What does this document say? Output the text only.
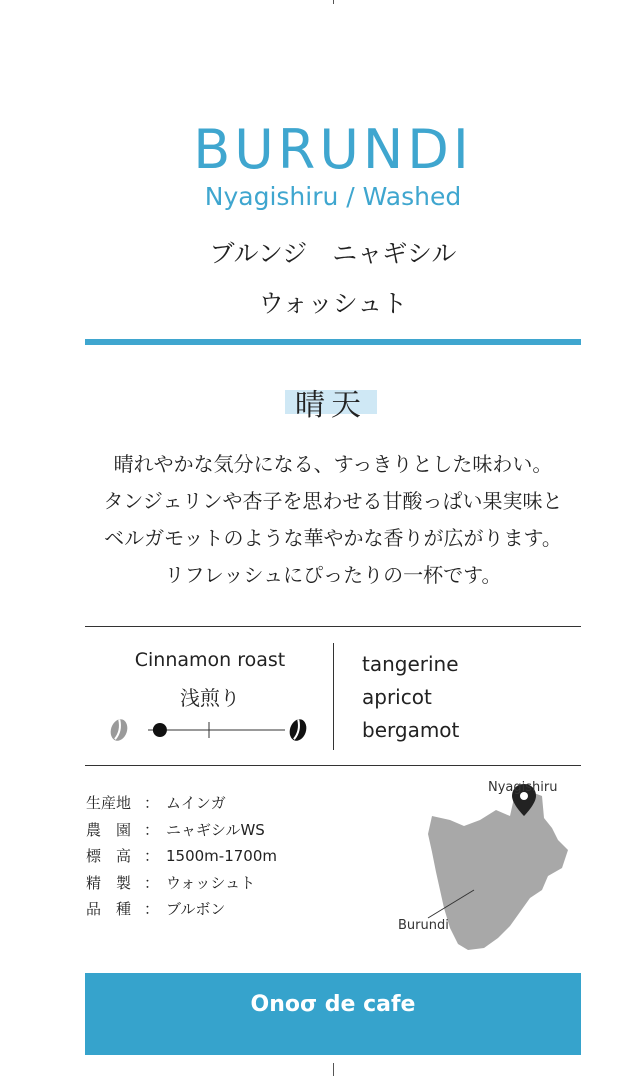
BURUNDI
Nyagishiru / Washed
ブルンジ　ニャギシル
ウォッシュト
晴天
晴れやかな気分になる、すっきりとした味わい。
タンジェリンや杏子を思わせる甘酸っぱい果実味と
ベルガモットのような華やかな香りが広がります。
リフレッシュにぴったりの一杯です。
Cinnamon roast
浅煎り
tangerine
apricot
bergamot
生産地 ： ムインガ
農　園 ： ニャギシルWS
標　高 ： 1500m-1700m
精　製 ： ウォッシュト
品　種 ： ブルボン
Nyagishiru
Burundi
Onoσ de cafe
